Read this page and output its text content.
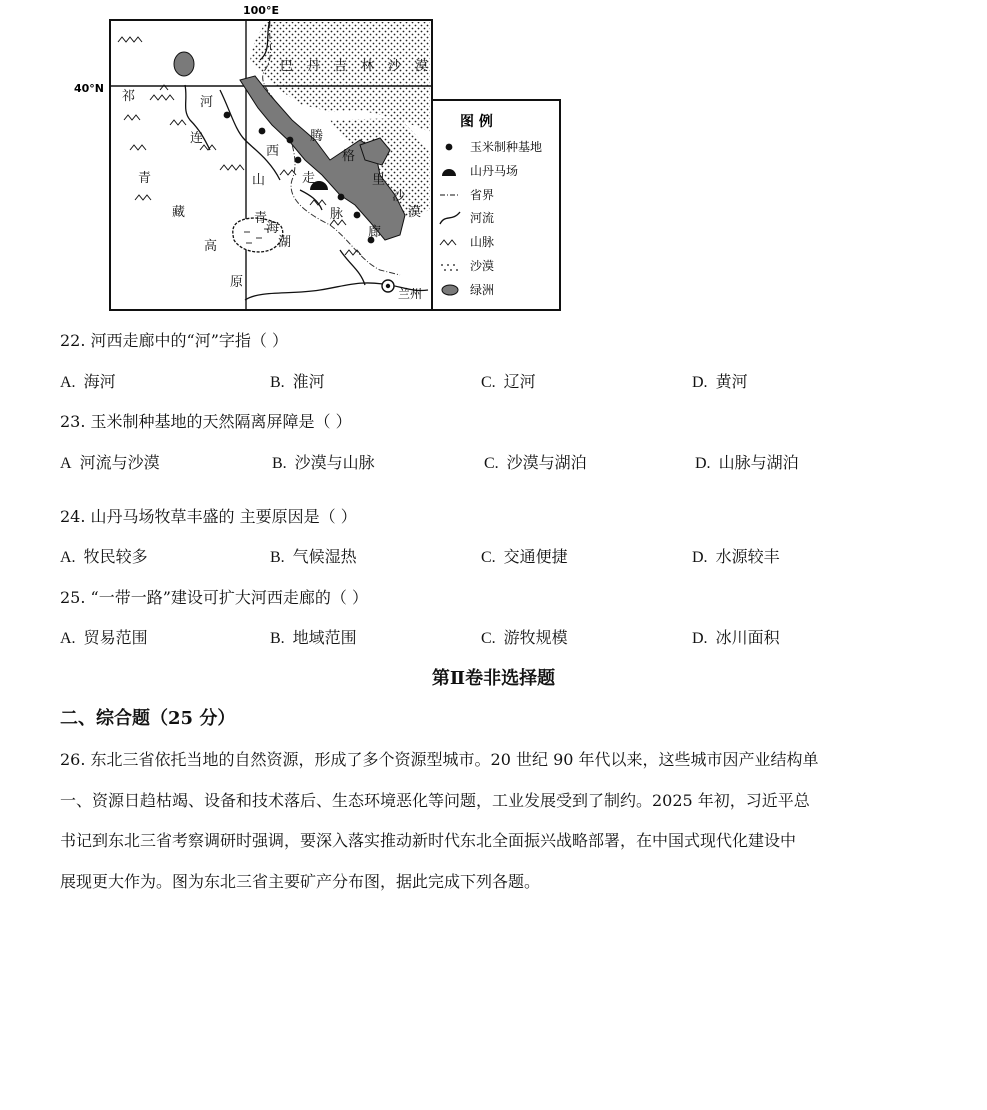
100°E
40°N
巴 丹 吉 林 沙 漠
河
西
走
廊
祁
连
山
脉
青
藏
高
原
青
海
湖
腾
格
里
沙
漠
兰州
图 例
玉米制种基地
山丹马场
省界
河流
山脉
沙漠
绿洲
22. 河西走廊中的“河”字指（ ）
A. 海河	B. 淮河	C. 辽河	D. 黄河
23. 玉米制种基地的天然隔离屏障是（ ）
A 河流与沙漠	B. 沙漠与山脉	C. 沙漠与湖泊	D. 山脉与湖泊
24. 山丹马场牧草丰盛的 主要原因是（ ）
A. 牧民较多	B. 气候湿热	C. 交通便捷	D. 水源较丰
25. “一带一路”建设可扩大河西走廊的（ ）
A. 贸易范围	B. 地域范围	C. 游牧规模	D. 冰川面积
第Ⅱ卷非选择题
二、综合题（25 分）
26. 东北三省依托当地的自然资源，形成了多个资源型城市。20 世纪 90 年代以来，这些城市因产业结构单
一、资源日趋枯竭、设备和技术落后、生态环境恶化等问题，工业发展受到了制约。2025 年初，习近平总
书记到东北三省考察调研时强调，要深入落实推动新时代东北全面振兴战略部署，在中国式现代化建设中
展现更大作为。图为东北三省主要矿产分布图，据此完成下列各题。
